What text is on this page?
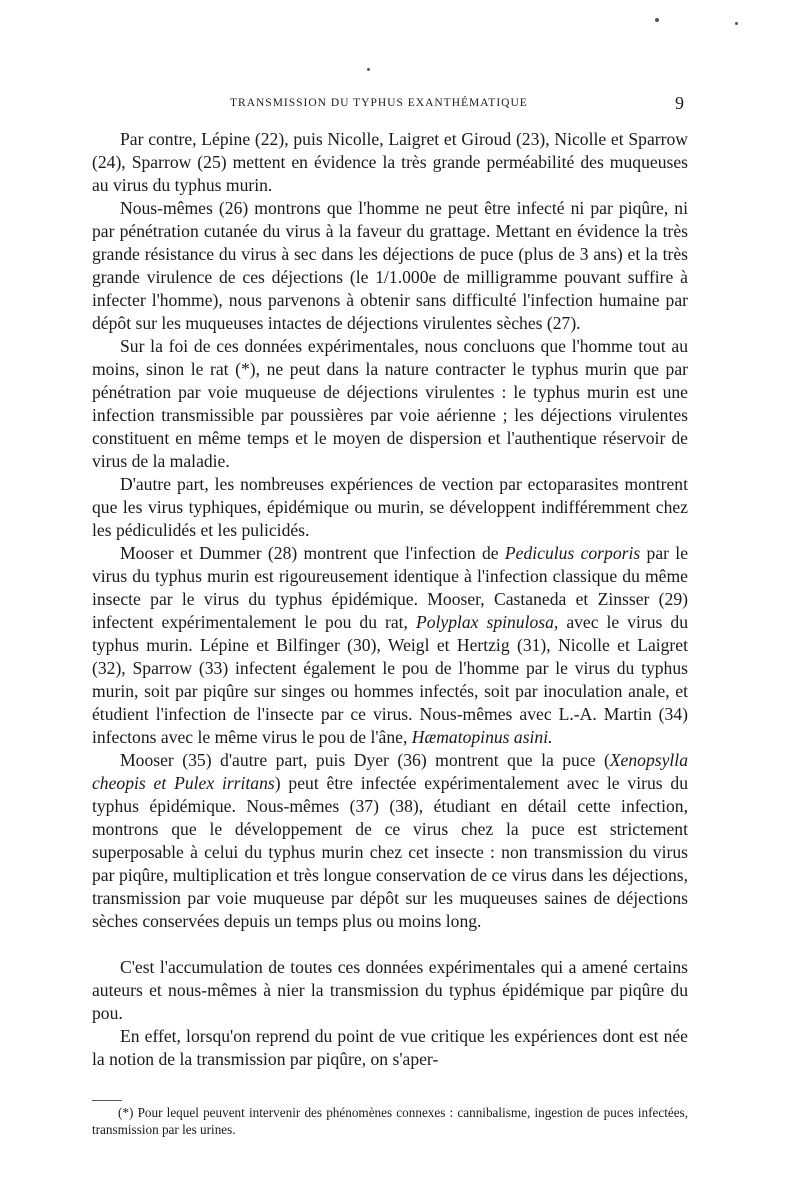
TRANSMISSION DU TYPHUS EXANTHÉMATIQUE	9

Par contre, Lépine (22), puis Nicolle, Laigret et Giroud (23), Nicolle et Sparrow (24), Sparrow (25) mettent en évidence la très grande perméabilité des muqueuses au virus du typhus murin.

Nous-mêmes (26) montrons que l'homme ne peut être infecté ni par piqûre, ni par pénétration cutanée du virus à la faveur du grattage. Mettant en évidence la très grande résistance du virus à sec dans les déjections de puce (plus de 3 ans) et la très grande virulence de ces déjections (le 1/1.000e de milligramme pouvant suffire à infecter l'homme), nous parvenons à obtenir sans difficulté l'infection humaine par dépôt sur les muqueuses intactes de déjections virulentes sèches (27).

Sur la foi de ces données expérimentales, nous concluons que l'homme tout au moins, sinon le rat (*), ne peut dans la nature contracter le typhus murin que par pénétration par voie muqueuse de déjections virulentes : le typhus murin est une infection transmissible par poussières par voie aérienne ; les déjections virulentes constituent en même temps et le moyen de dispersion et l'authentique réservoir de virus de la maladie.

D'autre part, les nombreuses expériences de vection par ectoparasites montrent que les virus typhiques, épidémique ou murin, se développent indifféremment chez les pédiculidés et les pulicidés.

Mooser et Dummer (28) montrent que l'infection de Pediculus corporis par le virus du typhus murin est rigoureusement identique à l'infection classique du même insecte par le virus du typhus épidémique. Mooser, Castaneda et Zinsser (29) infectent expérimentalement le pou du rat, Polyplax spinulosa, avec le virus du typhus murin. Lépine et Bilfinger (30), Weigl et Hertzig (31), Nicolle et Laigret (32), Sparrow (33) infectent également le pou de l'homme par le virus du typhus murin, soit par piqûre sur singes ou hommes infectés, soit par inoculation anale, et étudient l'infection de l'insecte par ce virus. Nous-mêmes avec L.-A. Martin (34) infectons avec le même virus le pou de l'âne, Hæmatopinus asini.

Mooser (35) d'autre part, puis Dyer (36) montrent que la puce (Xenopsylla cheopis et Pulex irritans) peut être infectée expérimentalement avec le virus du typhus épidémique. Nous-mêmes (37) (38), étudiant en détail cette infection, montrons que le développement de ce virus chez la puce est strictement superposable à celui du typhus murin chez cet insecte : non transmission du virus par piqûre, multiplication et très longue conservation de ce virus dans les déjections, transmission par voie muqueuse par dépôt sur les muqueuses saines de déjections sèches conservées depuis un temps plus ou moins long.

C'est l'accumulation de toutes ces données expérimentales qui a amené certains auteurs et nous-mêmes à nier la transmission du typhus épidémique par piqûre du pou.

En effet, lorsqu'on reprend du point de vue critique les expériences dont est née la notion de la transmission par piqûre, on s'aper-

(*) Pour lequel peuvent intervenir des phénomènes connexes : cannibalisme, ingestion de puces infectées, transmission par les urines.
